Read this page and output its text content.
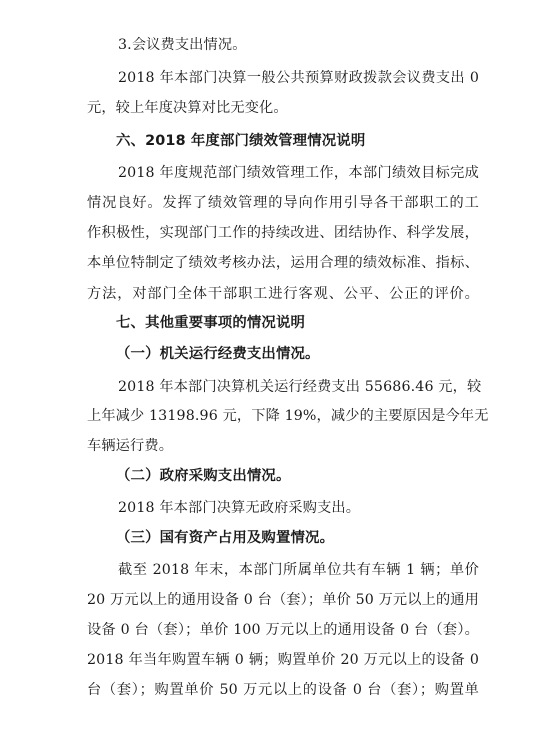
3.会议费支出情况。
2018 年本部门决算一般公共预算财政拨款会议费支出 0
元，较上年度决算对比无变化。
六、2018 年度部门绩效管理情况说明
2018 年度规范部门绩效管理工作，本部门绩效目标完成
情况良好。发挥了绩效管理的导向作用引导各干部职工的工
作积极性，实现部门工作的持续改进、团结协作、科学发展，
本单位特制定了绩效考核办法，运用合理的绩效标准、指标、
方法，对部门全体干部职工进行客观、公平、公正的评价。
七、其他重要事项的情况说明
（一）机关运行经费支出情况。
2018 年本部门决算机关运行经费支出 55686.46 元，较
上年减少 13198.96 元，下降 19%，减少的主要原因是今年无
车辆运行费。
（二）政府采购支出情况。
2018 年本部门决算无政府采购支出。
（三）国有资产占用及购置情况。
截至 2018 年末，本部门所属单位共有车辆 1 辆；单价
20 万元以上的通用设备 0 台（套）；单价 50 万元以上的通用
设备 0 台（套）；单价 100 万元以上的通用设备 0 台（套）。
2018 年当年购置车辆 0 辆；购置单价 20 万元以上的设备 0
台（套）；购置单价 50 万元以上的设备 0 台（套）；购置单
